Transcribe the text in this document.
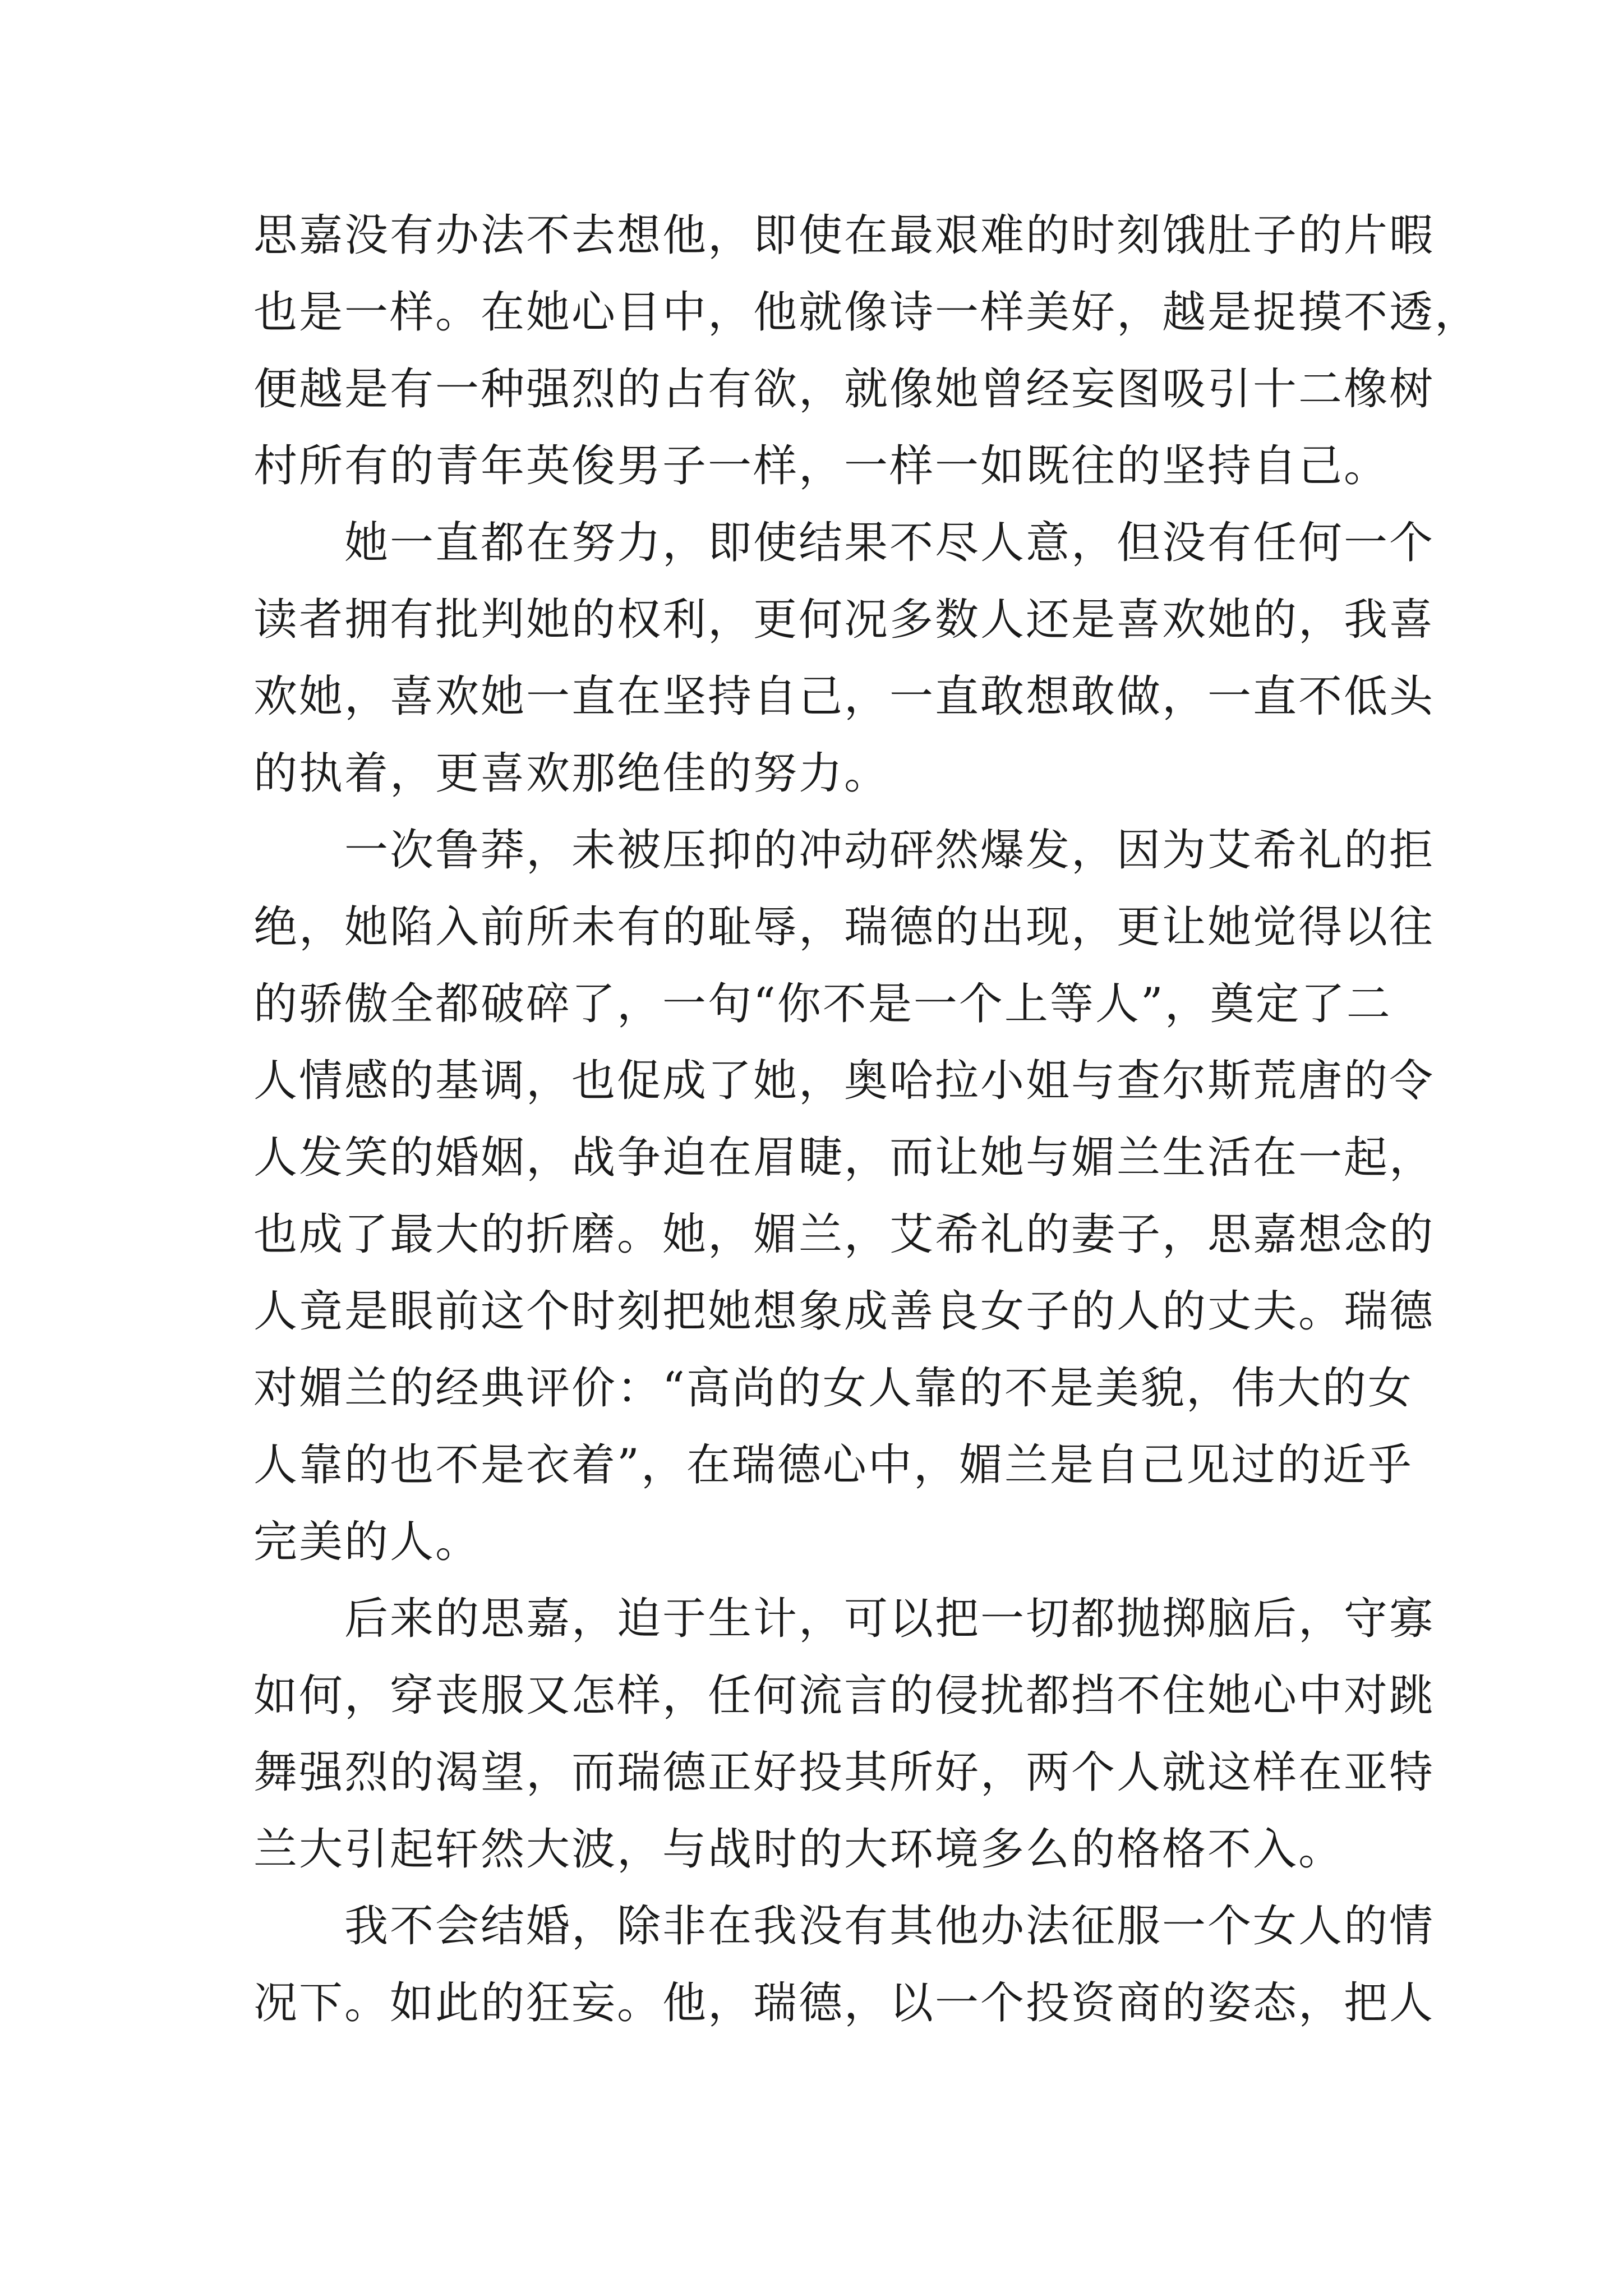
思嘉没有办法不去想他，即使在最艰难的时刻饿肚子的片暇
也是一样。在她心目中，他就像诗一样美好，越是捉摸不透，
便越是有一种强烈的占有欲，就像她曾经妄图吸引十二橡树
村所有的青年英俊男子一样，一样一如既往的坚持自己。
　　她一直都在努力，即使结果不尽人意，但没有任何一个
读者拥有批判她的权利，更何况多数人还是喜欢她的，我喜
欢她，喜欢她一直在坚持自己，一直敢想敢做，一直不低头
的执着，更喜欢那绝佳的努力。
　　一次鲁莽，未被压抑的冲动砰然爆发，因为艾希礼的拒
绝，她陷入前所未有的耻辱，瑞德的出现，更让她觉得以往
的骄傲全都破碎了，一句“你不是一个上等人”，奠定了二
人情感的基调，也促成了她，奥哈拉小姐与查尔斯荒唐的令
人发笑的婚姻，战争迫在眉睫，而让她与媚兰生活在一起，
也成了最大的折磨。她，媚兰，艾希礼的妻子，思嘉想念的
人竟是眼前这个时刻把她想象成善良女子的人的丈夫。瑞德
对媚兰的经典评价：“高尚的女人靠的不是美貌，伟大的女
人靠的也不是衣着”，在瑞德心中，媚兰是自己见过的近乎
完美的人。
　　后来的思嘉，迫于生计，可以把一切都抛掷脑后，守寡
如何，穿丧服又怎样，任何流言的侵扰都挡不住她心中对跳
舞强烈的渴望，而瑞德正好投其所好，两个人就这样在亚特
兰大引起轩然大波，与战时的大环境多么的格格不入。
　　我不会结婚，除非在我没有其他办法征服一个女人的情
况下。如此的狂妄。他，瑞德，以一个投资商的姿态，把人
